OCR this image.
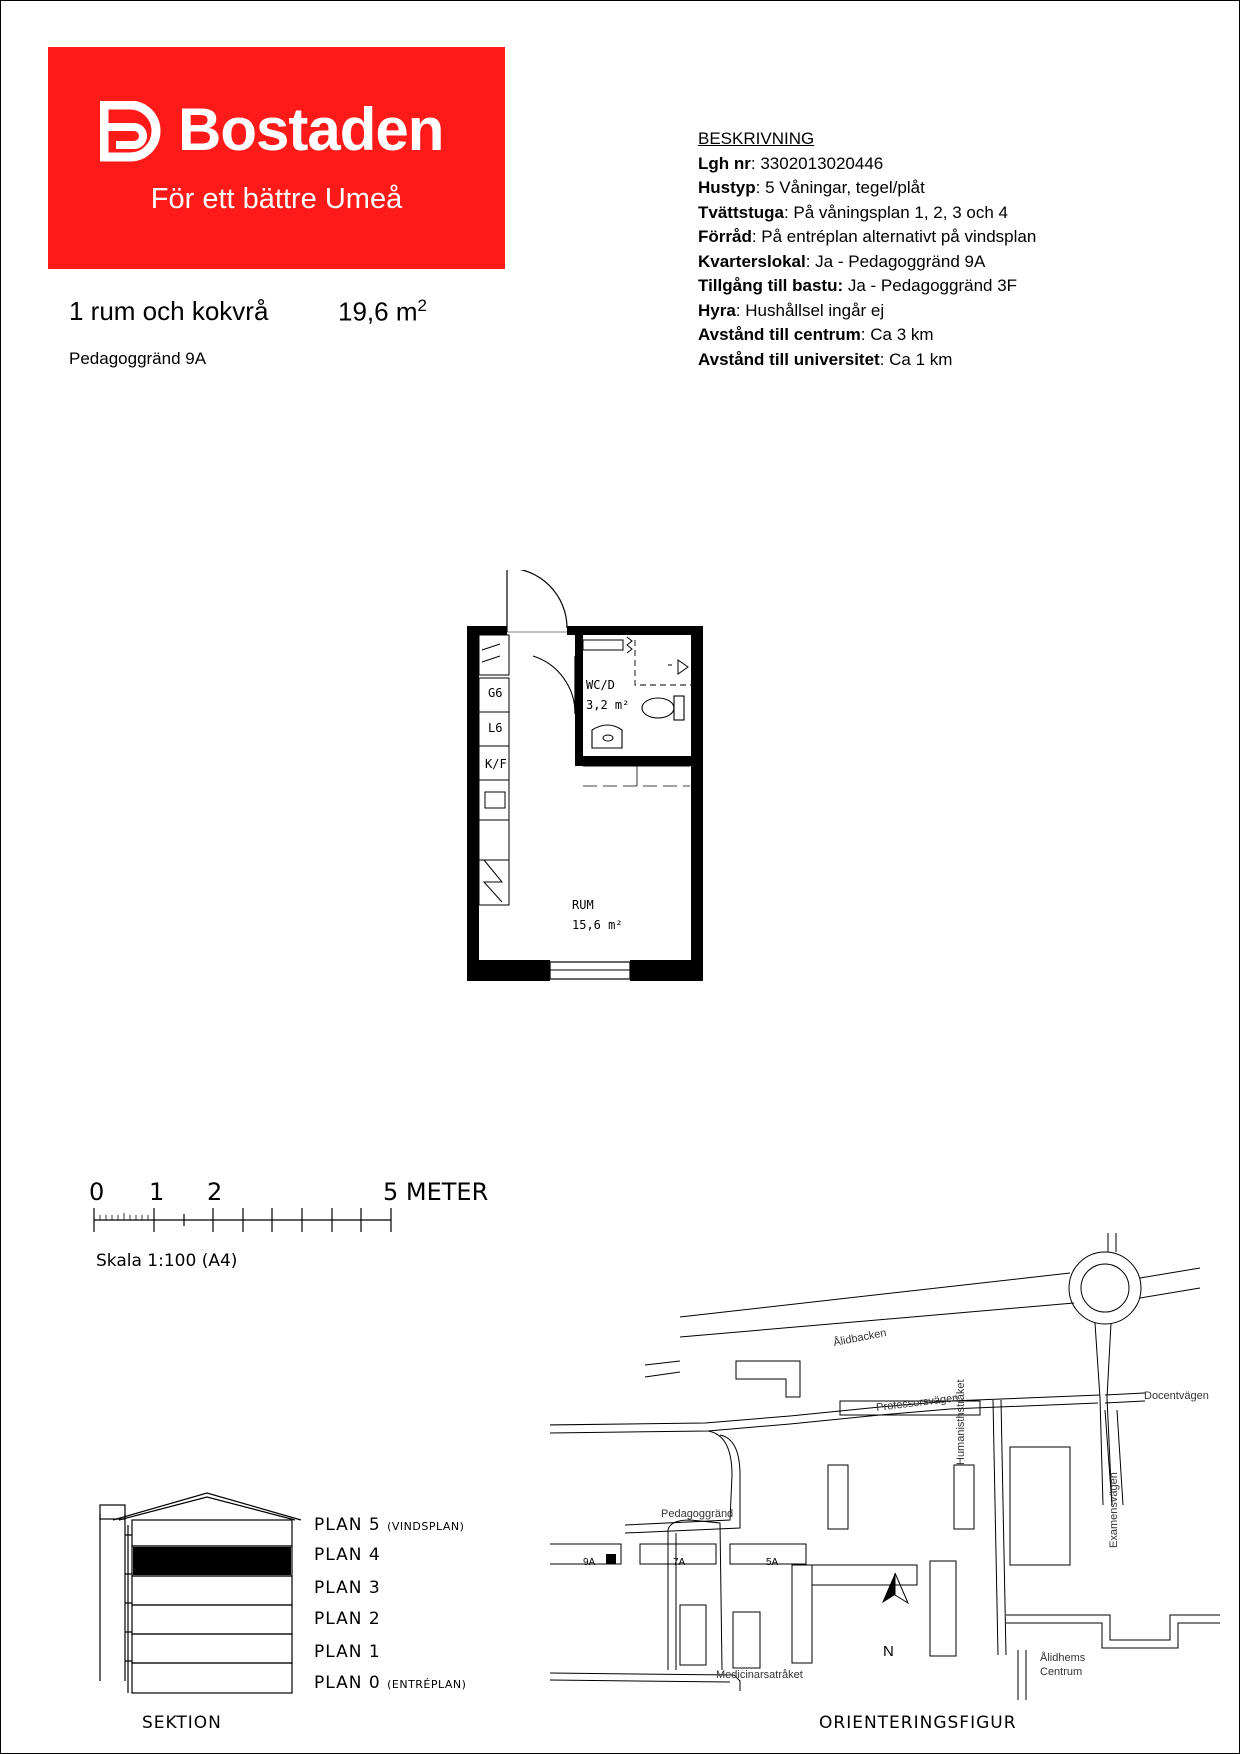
Bostaden
För ett bättre Umeå
1 rum och kokvrå	19,6 $m^2$
Pedagoggränd 9A
BESKRIVNING
Lgh nr: 3302013020446
Hustyp: 5 Våningar, tegel/plåt
Tvättstuga: På våningsplan 1, 2, 3 och 4
Förråd: På entréplan alternativt på vindsplan
Kvarterslokal: Ja - Pedagoggränd 9A
Tillgång till bastu: Ja - Pedagoggränd 3F
Hyra: Hushållsel ingår ej
Avstånd till centrum: Ca 3 km
Avstånd till universitet: Ca 1 km
G6
L6
K/F
WC/D
3,2 m²
RUM
15,6 m²
0 1 2	5 METER
Skala 1:100 (A4)
PLAN 5 (VINDSPLAN)
PLAN 4
PLAN 3
PLAN 2
PLAN 1
PLAN 0 (ENTRÉPLAN)
SEKTION
Ålidbacken
Professorsvägen	Docentvägen
Pedagoggränd
Humanisthstråket
Examensvägen
Medicinarsatråket
9A	7A	5A
Ålidhems
Centrum
N
ORIENTERINGSFIGUR
